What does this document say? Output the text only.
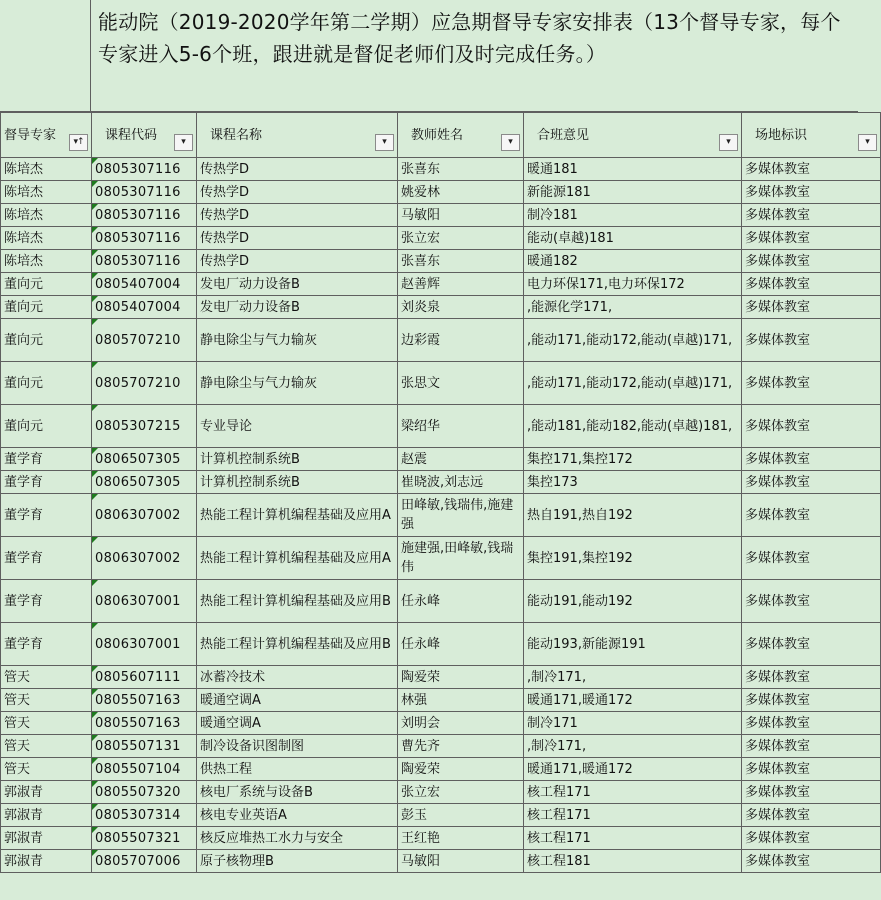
能动院（2019-2020学年第二学期）应急期督导专家安排表（13个督导专家，每个专家进入5-6个班，跟进就是督促老师们及时完成任务。）
督导专家 ▾↑	课程代码 ▾	课程名称 ▾	教师姓名 ▾	合班意见 ▾	场地标识 ▾

陈培杰	0805307116	传热学D	张喜东	暖通181	多媒体教室
陈培杰	0805307116	传热学D	姚爱林	新能源181	多媒体教室
陈培杰	0805307116	传热学D	马敏阳	制冷181	多媒体教室
陈培杰	0805307116	传热学D	张立宏	能动(卓越)181	多媒体教室
陈培杰	0805307116	传热学D	张喜东	暖通182	多媒体教室
董向元	0805407004	发电厂动力设备B	赵善辉	电力环保171,电力环保172	多媒体教室
董向元	0805407004	发电厂动力设备B	刘炎泉	,能源化学171,	多媒体教室
董向元	0805707210	静电除尘与气力输灰	边彩霞	,能动171,能动172,能动(卓越)171,	多媒体教室
董向元	0805707210	静电除尘与气力输灰	张思文	,能动171,能动172,能动(卓越)171,	多媒体教室
董向元	0805307215	专业导论	梁绍华	,能动181,能动182,能动(卓越)181,	多媒体教室
董学育	0806507305	计算机控制系统B	赵震	集控171,集控172	多媒体教室
董学育	0806507305	计算机控制系统B	崔晓波,刘志远	集控173	多媒体教室
董学育	0806307002	热能工程计算机编程基础及应用A	田峰敏,钱瑞伟,施建强	热自191,热自192	多媒体教室
董学育	0806307002	热能工程计算机编程基础及应用A	施建强,田峰敏,钱瑞伟	集控191,集控192	多媒体教室
董学育	0806307001	热能工程计算机编程基础及应用B	任永峰	能动191,能动192	多媒体教室
董学育	0806307001	热能工程计算机编程基础及应用B	任永峰	能动193,新能源191	多媒体教室
管天	0805607111	冰蓄冷技术	陶爱荣	,制冷171,	多媒体教室
管天	0805507163	暖通空调A	林强	暖通171,暖通172	多媒体教室
管天	0805507163	暖通空调A	刘明会	制冷171	多媒体教室
管天	0805507131	制冷设备识图制图	曹先齐	,制冷171,	多媒体教室
管天	0805507104	供热工程	陶爱荣	暖通171,暖通172	多媒体教室
郭淑青	0805507320	核电厂系统与设备B	张立宏	核工程171	多媒体教室
郭淑青	0805307314	核电专业英语A	彭玉	核工程171	多媒体教室
郭淑青	0805507321	核反应堆热工水力与安全	王红艳	核工程171	多媒体教室
郭淑青	0805707006	原子核物理B	马敏阳	核工程181	多媒体教室
